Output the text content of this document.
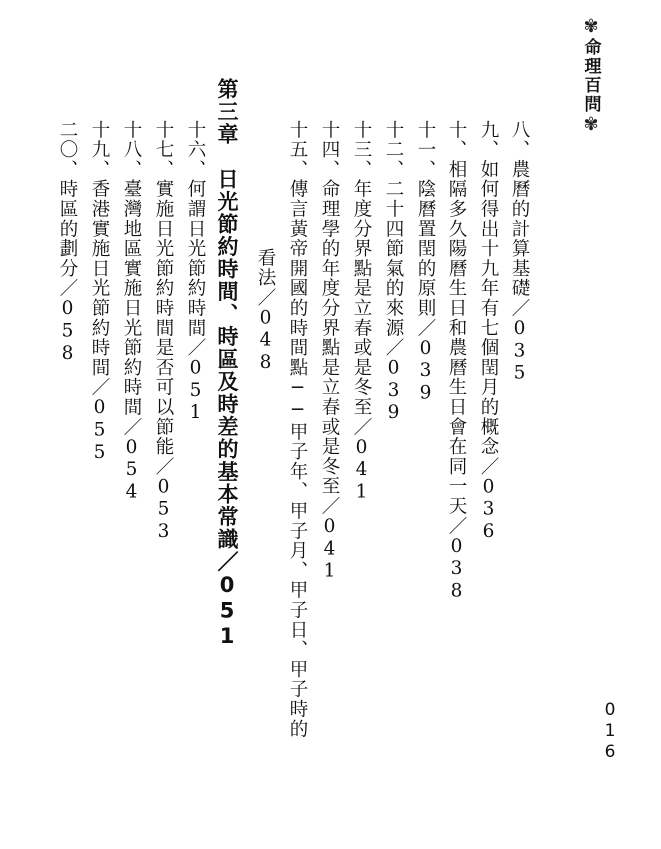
✾
命理百問
✾
016
八、農曆的計算基礎／035
九、如何得出十九年有七個閏月的概念／036
十、相隔多久陽曆生日和農曆生日會在同一天／038
十一、陰曆置閏的原則／039
十二、二十四節氣的來源／039
十三、年度分界點是立春或是冬至／041
十四、命理學的年度分界點是立春或是冬至／041
十五、傳言黃帝開國的時間點──甲子年、甲子月、甲子日、甲子時的
看法／048
第三章　日光節約時間、時區及時差的基本常識／051
十六、何謂日光節約時間／051
十七、實施日光節約時間是否可以節能／053
十八、臺灣地區實施日光節約時間／054
十九、香港實施日光節約時間／055
二〇、時區的劃分／058
